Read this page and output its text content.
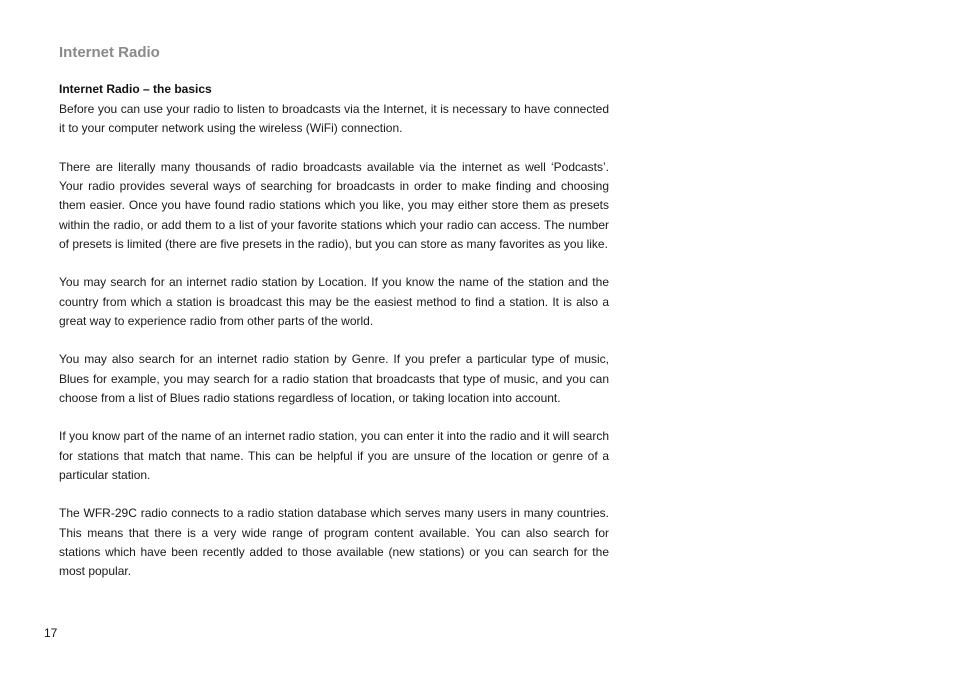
Internet Radio
Internet Radio – the basics

Before you can use your radio to listen to broadcasts via the Internet, it is necessary to have connected it to your computer network using the wireless (WiFi) connection.

There are literally many thousands of radio broadcasts available via the internet as well ‘Podcasts’. Your radio provides several ways of searching for broadcasts in order to make finding and choosing them easier. Once you have found radio stations which you like, you may either store them as presets within the radio, or add them to a list of your favorite stations which your radio can access. The number of presets is limited (there are five presets in the radio), but you can store as many favorites as you like.

You may search for an internet radio station by Location. If you know the name of the station and the country from which a station is broadcast this may be the easiest method to find a station. It is also a great way to experience radio from other parts of the world.

You may also search for an internet radio station by Genre. If you prefer a particular type of music, Blues for example, you may search for a radio station that broadcasts that type of music, and you can choose from a list of Blues radio stations regardless of location, or taking location into account.

If you know part of the name of an internet radio station, you can enter it into the radio and it will search for stations that match that name. This can be helpful if you are unsure of the location or genre of a particular station.

The WFR-29C radio connects to a radio station database which serves many users in many countries. This means that there is a very wide range of program content available. You can also search for stations which have been recently added to those available (new stations) or you can search for the most popular.

17
